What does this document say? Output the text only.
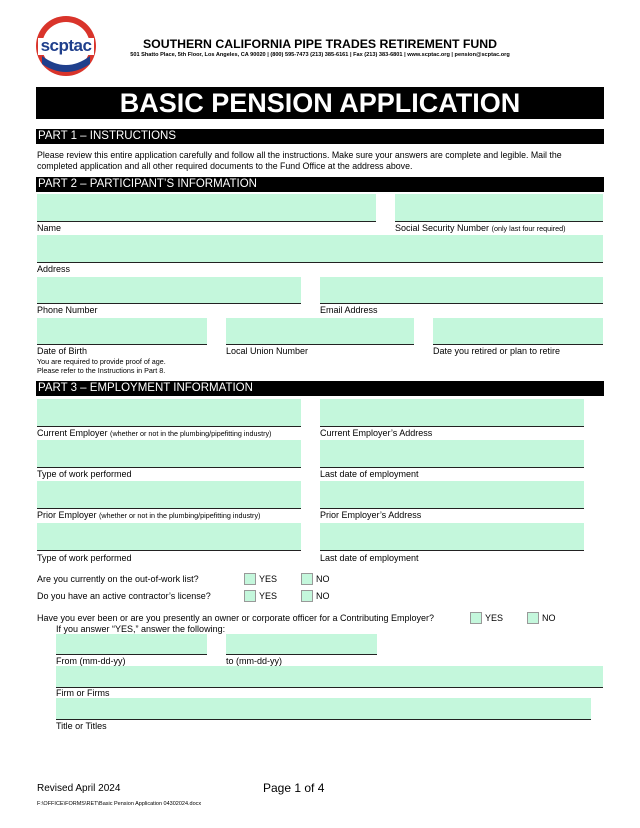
scptac	SOUTHERN CALIFORNIA PIPE TRADES RETIREMENT FUND
501 Shatto Place, 5th Floor, Los Angeles, CA 90020 | (800) 595-7473 (213) 385-6161 | Fax (213) 383-6801 | www.scptac.org | pension@scptac.org
BASIC PENSION APPLICATION
PART 1 – INSTRUCTIONS
Please review this entire application carefully and follow all the instructions. Make sure your answers are complete and legible. Mail the completed application and all other required documents to the Fund Office at the address above.
PART 2 – PARTICIPANT’S INFORMATION
Name	Social Security Number (only last four required)
Address
Phone Number	Email Address
Date of Birth	Local Union Number	Date you retired or plan to retire
You are required to provide proof of age.
Please refer to the Instructions in Part 8.
PART 3 – EMPLOYMENT INFORMATION
Current Employer (whether or not in the plumbing/pipefitting industry)	Current Employer’s Address
Type of work performed	Last date of employment
Prior Employer (whether or not in the plumbing/pipefitting industry)	Prior Employer’s Address
Type of work performed	Last date of employment
Are you currently on the out-of-work list?	YES	NO
Do you have an active contractor’s license?	YES	NO
Have you ever been or are you presently an owner or corporate officer for a Contributing Employer?	YES	NO
If you answer “YES,” answer the following:
From (mm-dd-yy)	to (mm-dd-yy)
Firm or Firms
Title or Titles
Revised April 2024	Page 1 of 4
F:\OFFICE\FORMS\RET\Basic Pension Application 04302024.docx
